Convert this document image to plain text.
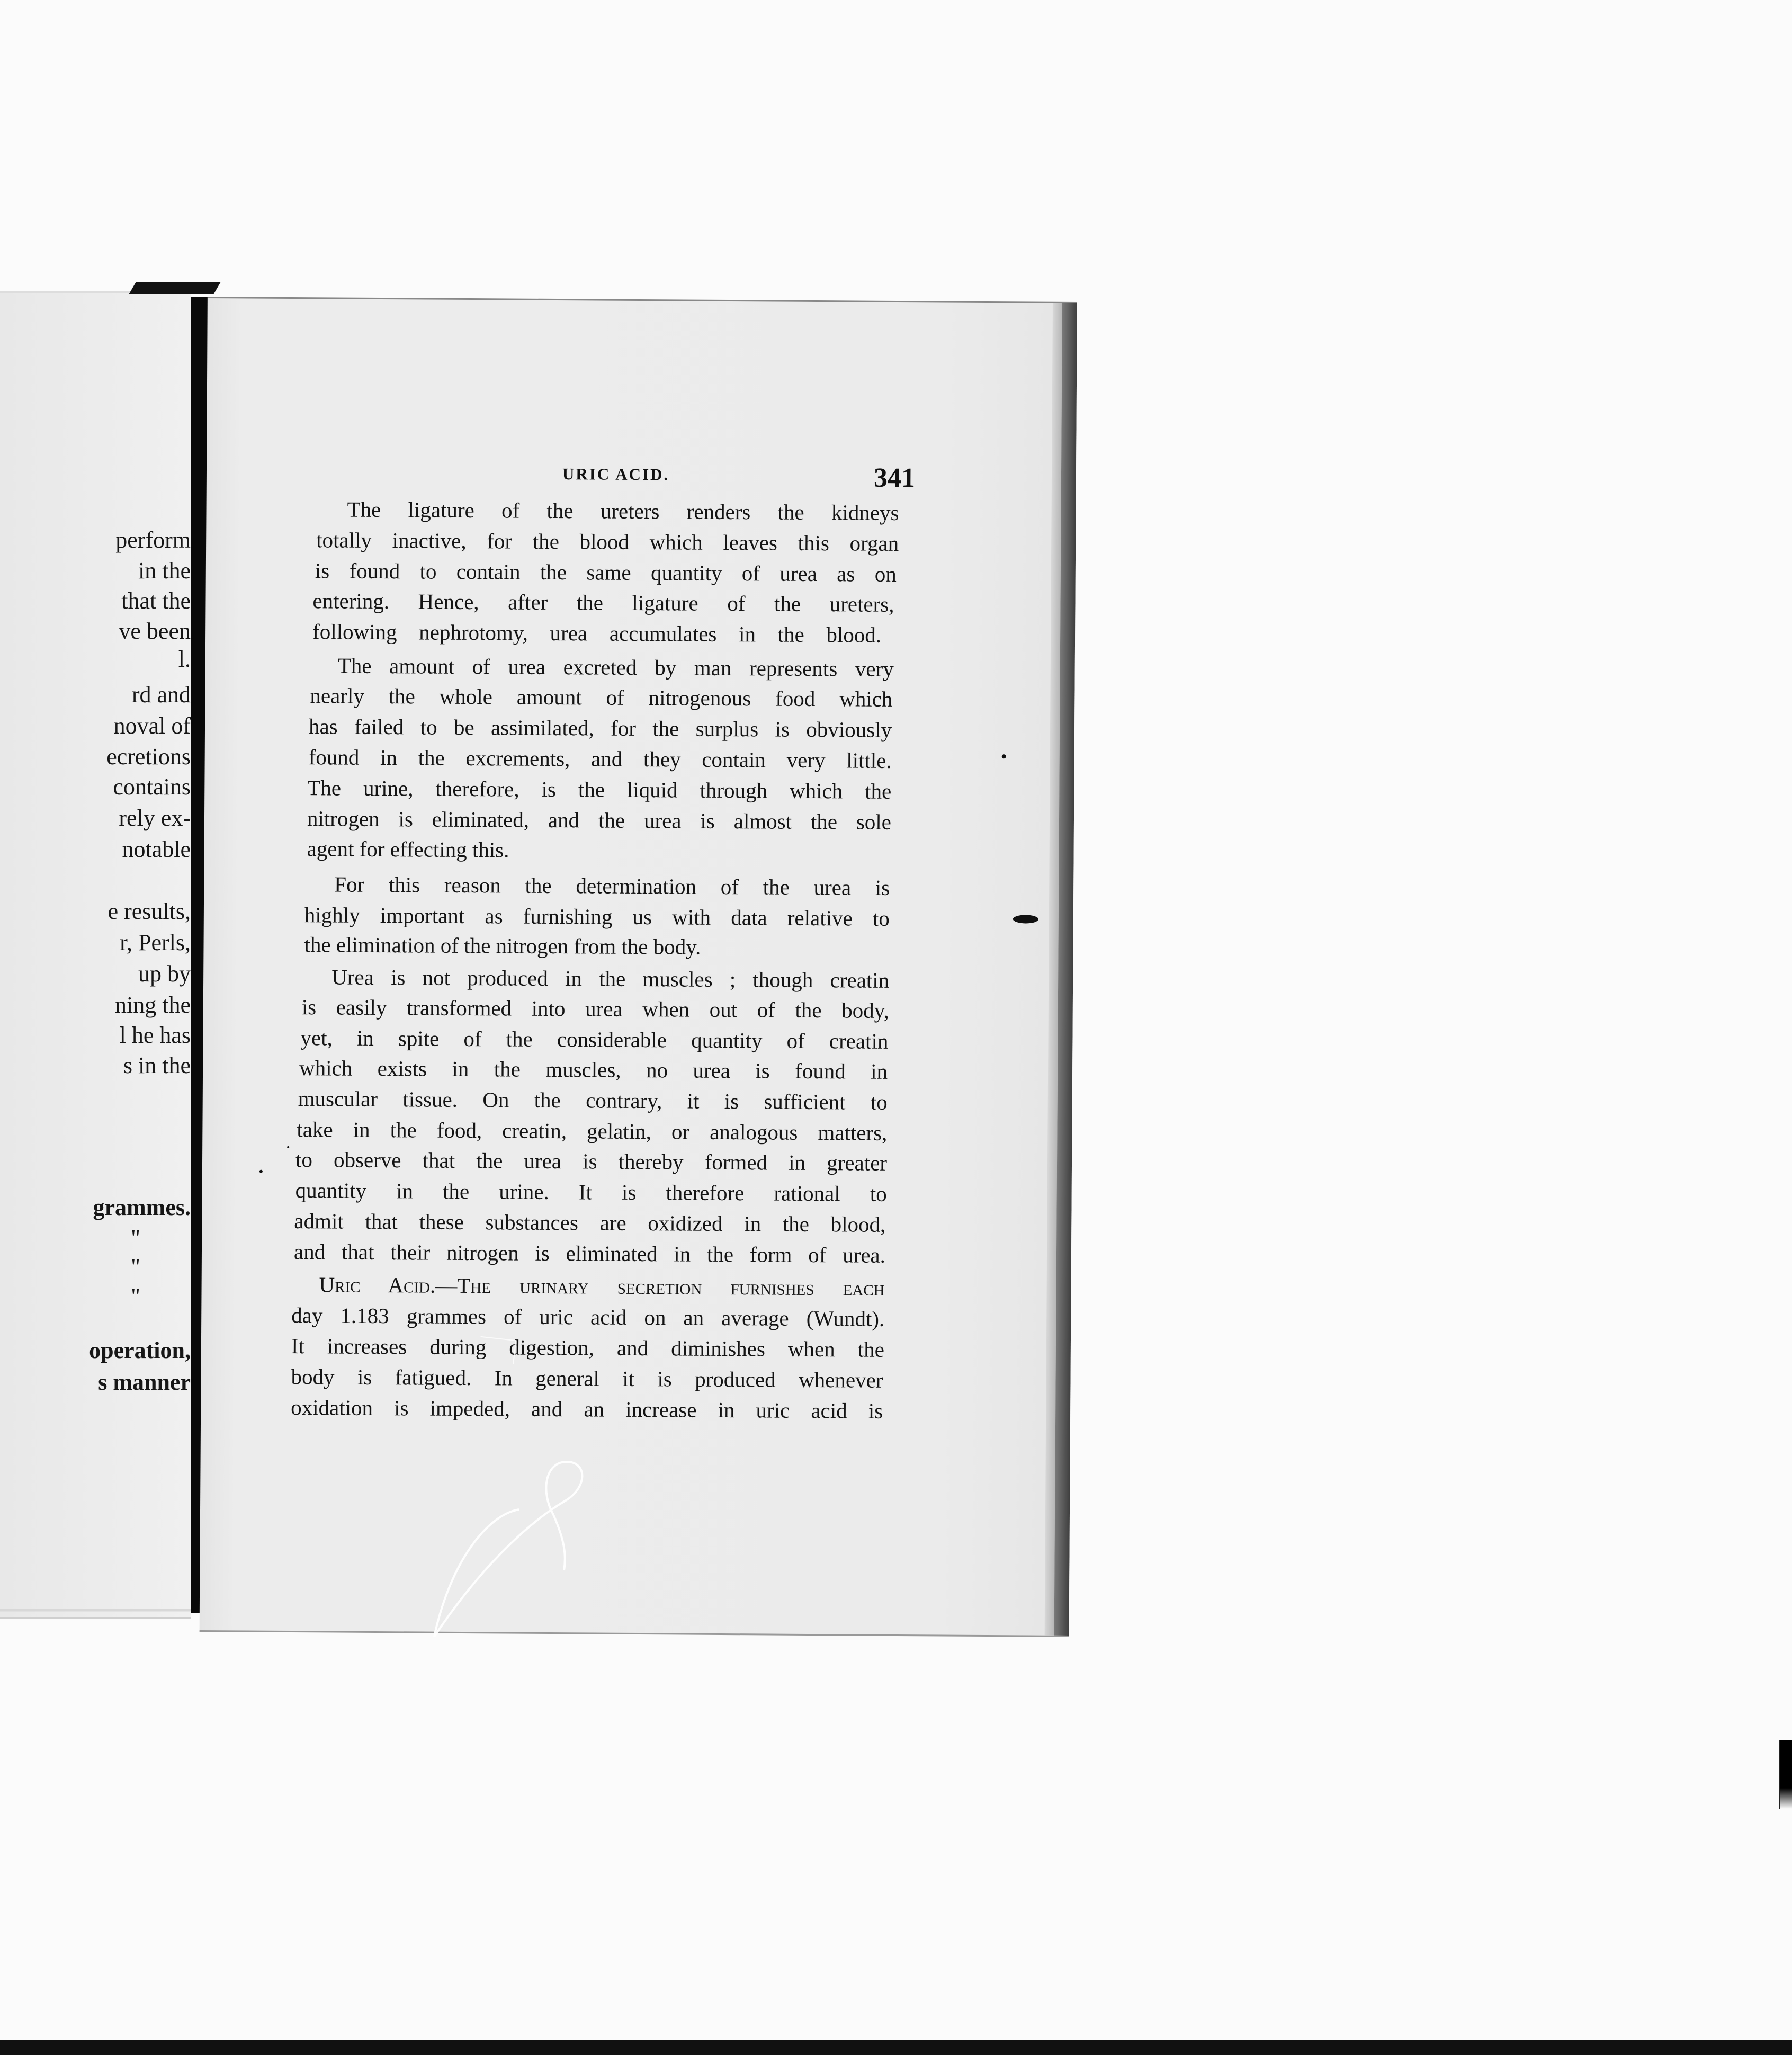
perform
in the
that the
ve been
l.
rd and
noval of
ecretions
contains
rely ex-
notable
e results,
r, Perls,
up by
ning the
l he has
s in the
grammes.
"
"
"
operation,
s manner
URIC ACID.	341
The ligature of the ureters renders the kidneys
totally inactive, for the blood which leaves this organ
is found to contain the same quantity of urea as on
entering. Hence, after the ligature of the ureters,
following nephrotomy, urea accumulates in the blood.
The amount of urea excreted by man represents very
nearly the whole amount of nitrogenous food which
has failed to be assimilated, for the surplus is obviously
found in the excrements, and they contain very little.
The urine, therefore, is the liquid through which the
nitrogen is eliminated, and the urea is almost the sole
agent for effecting this.
For this reason the determination of the urea is
highly important as furnishing us with data relative to
the elimination of the nitrogen from the body.
Urea is not produced in the muscles ; though creatin
is easily transformed into urea when out of the body,
yet, in spite of the considerable quantity of creatin
which exists in the muscles, no urea is found in
muscular tissue. On the contrary, it is sufficient to
take in the food, creatin, gelatin, or analogous matters,
to observe that the urea is thereby formed in greater
quantity in the urine. It is therefore rational to
admit that these substances are oxidized in the blood,
and that their nitrogen is eliminated in the form of urea.
Uric Acid.—The urinary secretion furnishes each
day 1.183 grammes of uric acid on an average (Wundt).
It increases during digestion, and diminishes when the
body is fatigued. In general it is produced whenever
oxidation is impeded, and an increase in uric acid is
